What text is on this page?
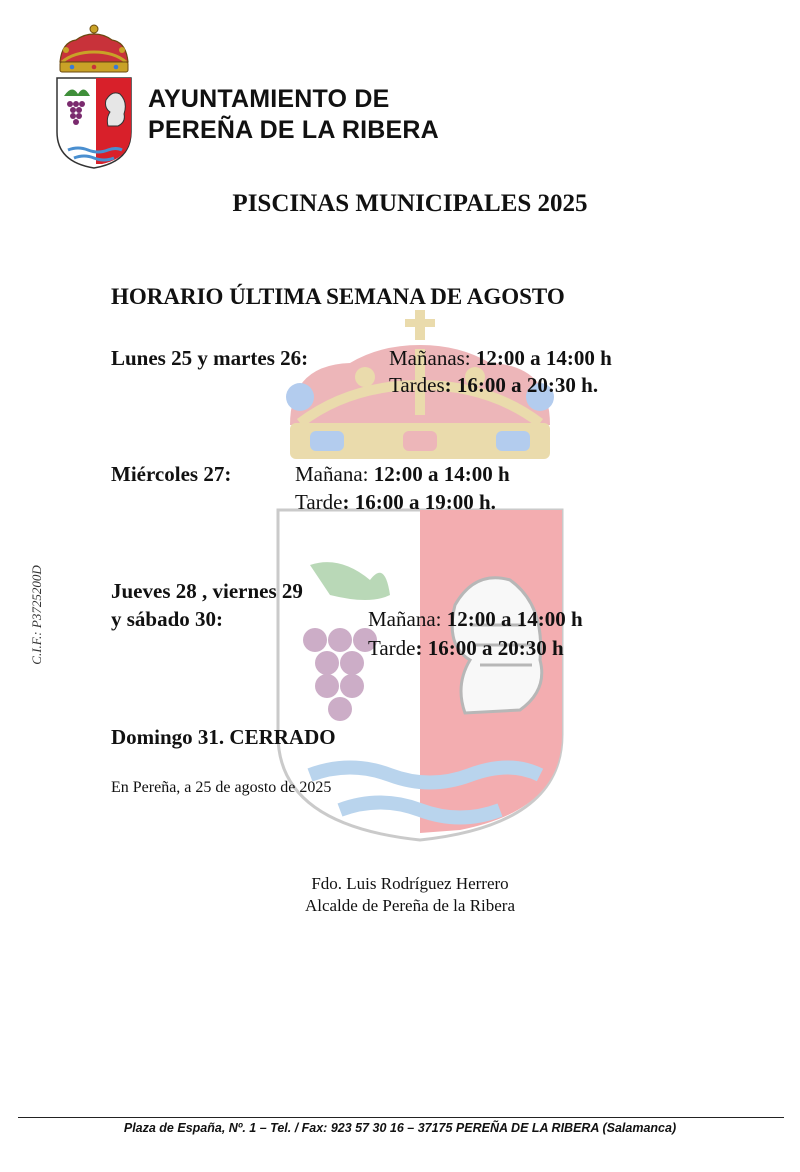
AYUNTAMIENTO DE
PEREÑA DE LA RIBERA
PISCINAS MUNICIPALES 2025
HORARIO ÚLTIMA SEMANA DE AGOSTO
Lunes 25 y martes 26:	Mañanas: 12:00 a 14:00 h
Tardes: 16:00 a 20:30 h.
Miércoles 27:	Mañana: 12:00 a 14:00 h
Tarde: 16:00 a 19:00 h.
Jueves 28 , viernes 29
y sábado 30:	Mañana: 12:00 a 14:00 h
Tarde: 16:00 a 20:30 h
Domingo 31. CERRADO
En Pereña, a 25 de agosto de 2025
Fdo. Luis Rodríguez Herrero
Alcalde de Pereña de la Ribera
C.I.F.: P3725200D
Plaza de España, Nº. 1 – Tel. / Fax: 923 57 30 16 – 37175 PEREÑA DE LA RIBERA (Salamanca)
